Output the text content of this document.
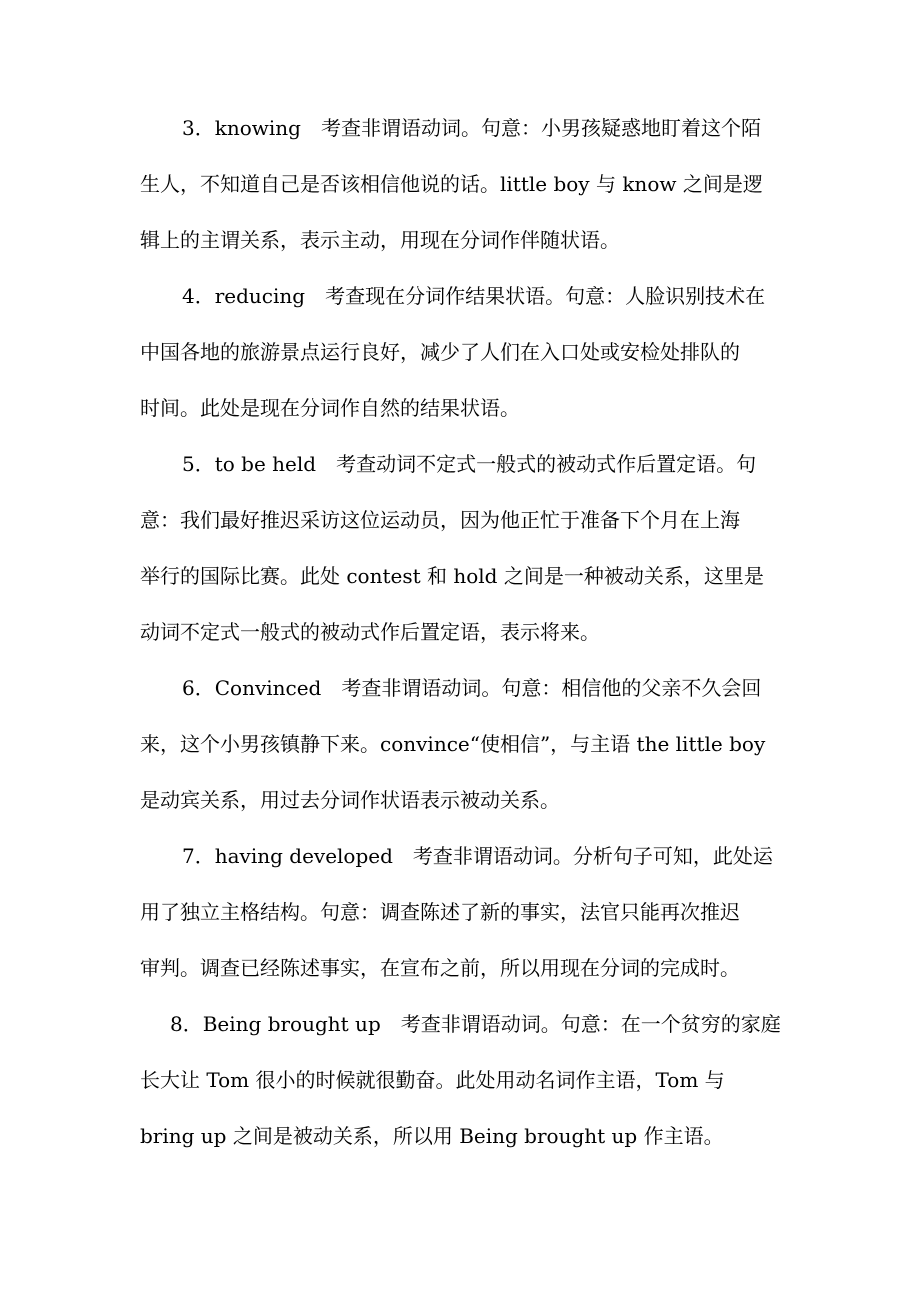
3．knowing　考查非谓语动词。句意：小男孩疑惑地盯着这个陌
生人，不知道自己是否该相信他说的话。little boy 与 know 之间是逻
辑上的主谓关系，表示主动，用现在分词作伴随状语。
4．reducing　考查现在分词作结果状语。句意：人脸识别技术在
中国各地的旅游景点运行良好，减少了人们在入口处或安检处排队的
时间。此处是现在分词作自然的结果状语。
5．to be held　考查动词不定式一般式的被动式作后置定语。句
意：我们最好推迟采访这位运动员，因为他正忙于准备下个月在上海
举行的国际比赛。此处 contest 和 hold 之间是一种被动关系，这里是
动词不定式一般式的被动式作后置定语，表示将来。
6．Convinced　考查非谓语动词。句意：相信他的父亲不久会回
来，这个小男孩镇静下来。convince“使相信”，与主语 the little boy
是动宾关系，用过去分词作状语表示被动关系。
7．having developed　考查非谓语动词。分析句子可知，此处运
用了独立主格结构。句意：调查陈述了新的事实，法官只能再次推迟
审判。调查已经陈述事实，在宣布之前，所以用现在分词的完成时。
8．Being brought up　考查非谓语动词。句意：在一个贫穷的家庭
长大让 Tom 很小的时候就很勤奋。此处用动名词作主语，Tom 与
bring up 之间是被动关系，所以用 Being brought up 作主语。
